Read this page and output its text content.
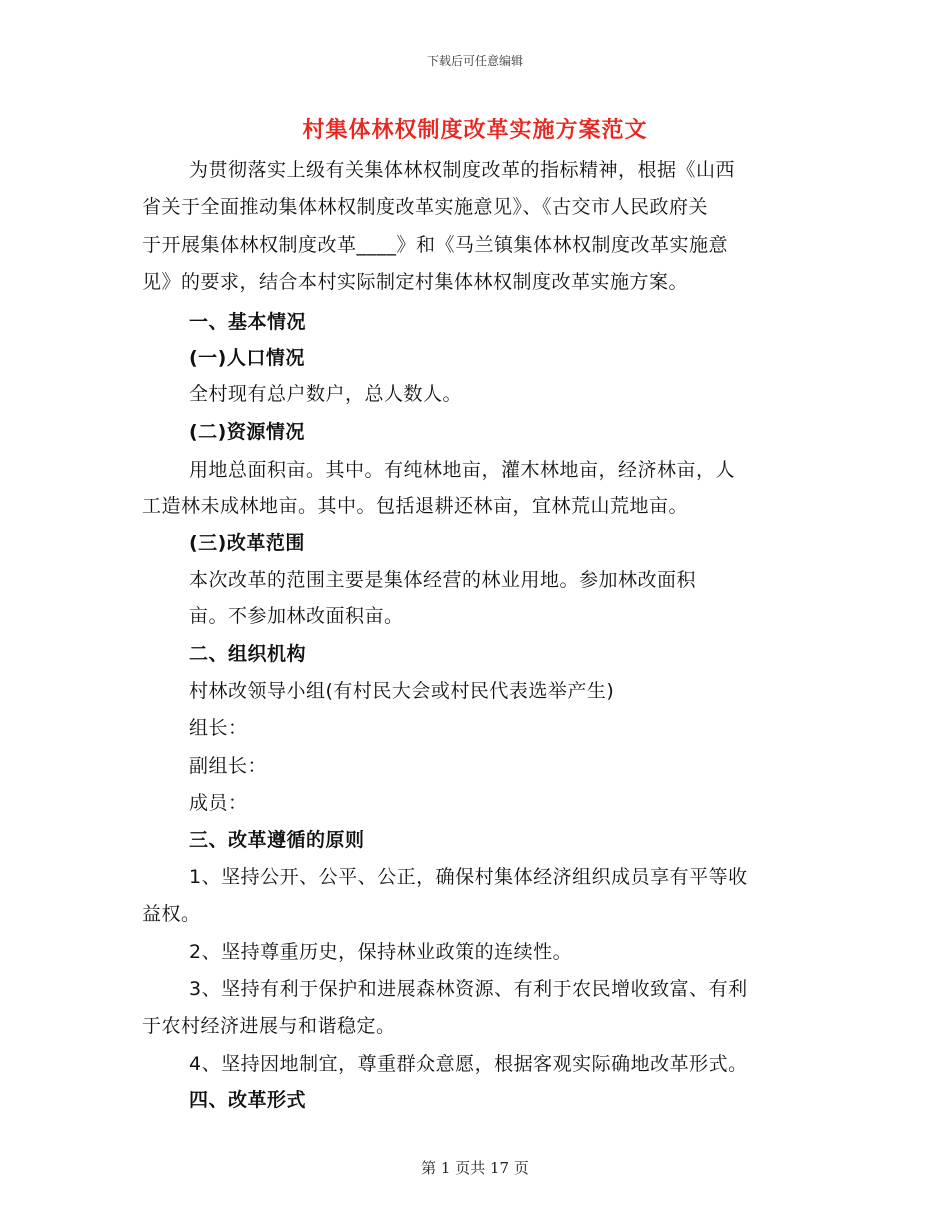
下载后可任意编辑
村集体林权制度改革实施方案范文
为贯彻落实上级有关集体林权制度改革的指标精神，根据《山西
省关于全面推动集体林权制度改革实施意见》、《古交市人民政府关
于开展集体林权制度改革____》和《马兰镇集体林权制度改革实施意
见》的要求，结合本村实际制定村集体林权制度改革实施方案。
一、基本情况
(一)人口情况
全村现有总户数户，总人数人。
(二)资源情况
用地总面积亩。其中。有纯林地亩，灌木林地亩，经济林亩，人
工造林未成林地亩。其中。包括退耕还林亩，宜林荒山荒地亩。
(三)改革范围
本次改革的范围主要是集体经营的林业用地。参加林改面积
亩。不参加林改面积亩。
二、组织机构
村林改领导小组(有村民大会或村民代表选举产生)
组长：
副组长：
成员：
三、改革遵循的原则
1、坚持公开、公平、公正，确保村集体经济组织成员享有平等收
益权。
2、坚持尊重历史，保持林业政策的连续性。
3、坚持有利于保护和进展森林资源、有利于农民增收致富、有利
于农村经济进展与和谐稳定。
4、坚持因地制宜，尊重群众意愿，根据客观实际确地改革形式。
四、改革形式
第 1 页共 17 页
